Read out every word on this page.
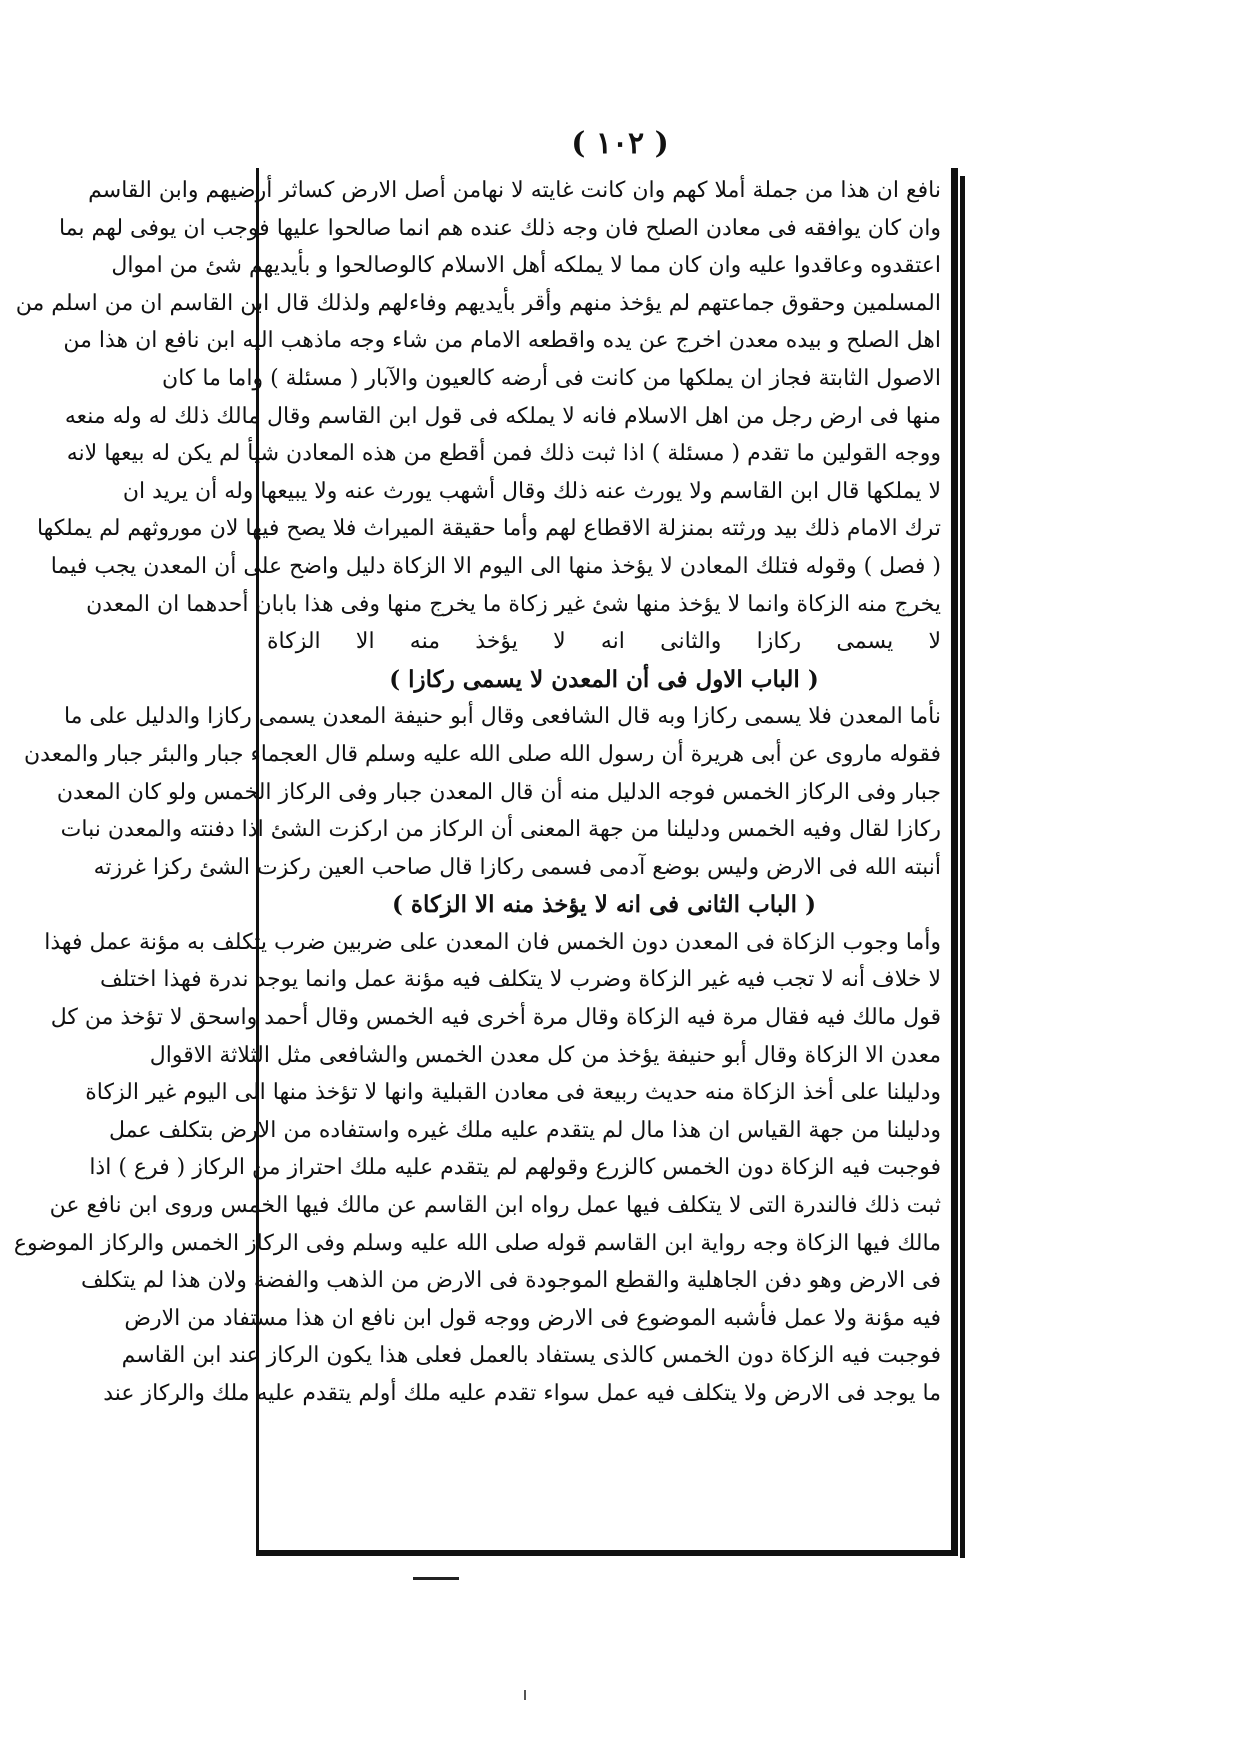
( ١٠٢ )
نافع ان هذا من جملة أملا كهم وان كانت غايته لا نهامن أصل الارض كساثر أرضيهم وابن القاسم
وان كان يوافقه فى معادن الصلح فان وجه ذلك عنده هم انما صالحوا عليها فوجب ان يوفى لهم بما
اعتقدوه وعاقدوا عليه وان كان مما لا يملكه أهل الاسلام كالوصالحوا و بأيديهم شئ من اموال
المسلمين وحقوق جماعتهم لم يؤخذ منهم وأقر بأيديهم وفاءلهم ولذلك قال ابن القاسم ان من اسلم من
اهل الصلح و بيده معدن اخرج عن يده واقطعه الامام من شاء وجه ماذهب اليه ابن نافع ان هذا من
الاصول الثابتة فجاز ان يملكها من كانت فى أرضه كالعيون والآبار ( مسئلة ) واما ما كان
منها فى ارض رجل من اهل الاسلام فانه لا يملكه فى قول ابن القاسم وقال مالك ذلك له وله منعه
ووجه القولين ما تقدم ( مسئلة ) اذا ثبت ذلك فمن أقطع من هذه المعادن شيأ لم يكن له بيعها لانه
لا يملكها قال ابن القاسم ولا يورث عنه ذلك وقال أشهب يورث عنه ولا يبيعها وله أن يريد ان
ترك الامام ذلك بيد ورثته بمنزلة الاقطاع لهم وأما حقيقة الميراث فلا يصح فيها لان موروثهم لم يملكها
( فصل ) وقوله فتلك المعادن لا يؤخذ منها الى اليوم الا الزكاة دليل واضح على أن المعدن يجب فيما
يخرج منه الزكاة وانما لا يؤخذ منها شئ غير زكاة ما يخرج منها وفى هذا بابان أحدهما ان المعدن
لا يسمى ركازا والثانى انه لا يؤخذ منه الا الزكاة
( الباب الاول فى أن المعدن لا يسمى ركازا )
نأما المعدن فلا يسمى ركازا وبه قال الشافعى وقال أبو حنيفة المعدن يسمى ركازا والدليل على ما
فقوله ماروى عن أبى هريرة أن رسول الله صلى الله عليه وسلم قال العجماء جبار والبئر جبار والمعدن
جبار وفى الركاز الخمس فوجه الدليل منه أن قال المعدن جبار وفى الركاز الخمس ولو كان المعدن
ركازا لقال وفيه الخمس ودليلنا من جهة المعنى أن الركاز من اركزت الشئ اذا دفنته والمعدن نبات
أنبته الله فى الارض وليس بوضع آدمى فسمى ركازا قال صاحب العين ركزت الشئ ركزا غرزته
( الباب الثانى فى انه لا يؤخذ منه الا الزكاة )
وأما وجوب الزكاة فى المعدن دون الخمس فان المعدن على ضربين ضرب يتكلف به مؤنة عمل فهذا
لا خلاف أنه لا تجب فيه غير الزكاة وضرب لا يتكلف فيه مؤنة عمل وانما يوجد ندرة فهذا اختلف
قول مالك فيه فقال مرة فيه الزكاة وقال مرة أخرى فيه الخمس وقال أحمد واسحق لا تؤخذ من كل
معدن الا الزكاة وقال أبو حنيفة يؤخذ من كل معدن الخمس والشافعى مثل الثلاثة الاقوال
ودليلنا على أخذ الزكاة منه حديث ربيعة فى معادن القبلية وانها لا تؤخذ منها الى اليوم غير الزكاة
ودليلنا من جهة القياس ان هذا مال لم يتقدم عليه ملك غيره واستفاده من الارض بتكلف عمل
فوجبت فيه الزكاة دون الخمس كالزرع وقولهم لم يتقدم عليه ملك احتراز من الركاز ( فرع ) اذا
ثبت ذلك فالندرة التى لا يتكلف فيها عمل رواه ابن القاسم عن مالك فيها الخمس وروى ابن نافع عن
مالك فيها الزكاة وجه رواية ابن القاسم قوله صلى الله عليه وسلم وفى الركاز الخمس والركاز الموضوع
فى الارض وهو دفن الجاهلية والقطع الموجودة فى الارض من الذهب والفضة ولان هذا لم يتكلف
فيه مؤنة ولا عمل فأشبه الموضوع فى الارض ووجه قول ابن نافع ان هذا مستفاد من الارض
فوجبت فيه الزكاة دون الخمس كالذى يستفاد بالعمل فعلى هذا يكون الركاز عند ابن القاسم
ما يوجد فى الارض ولا يتكلف فيه عمل سواء تقدم عليه ملك أولم يتقدم عليه ملك والركاز عند
